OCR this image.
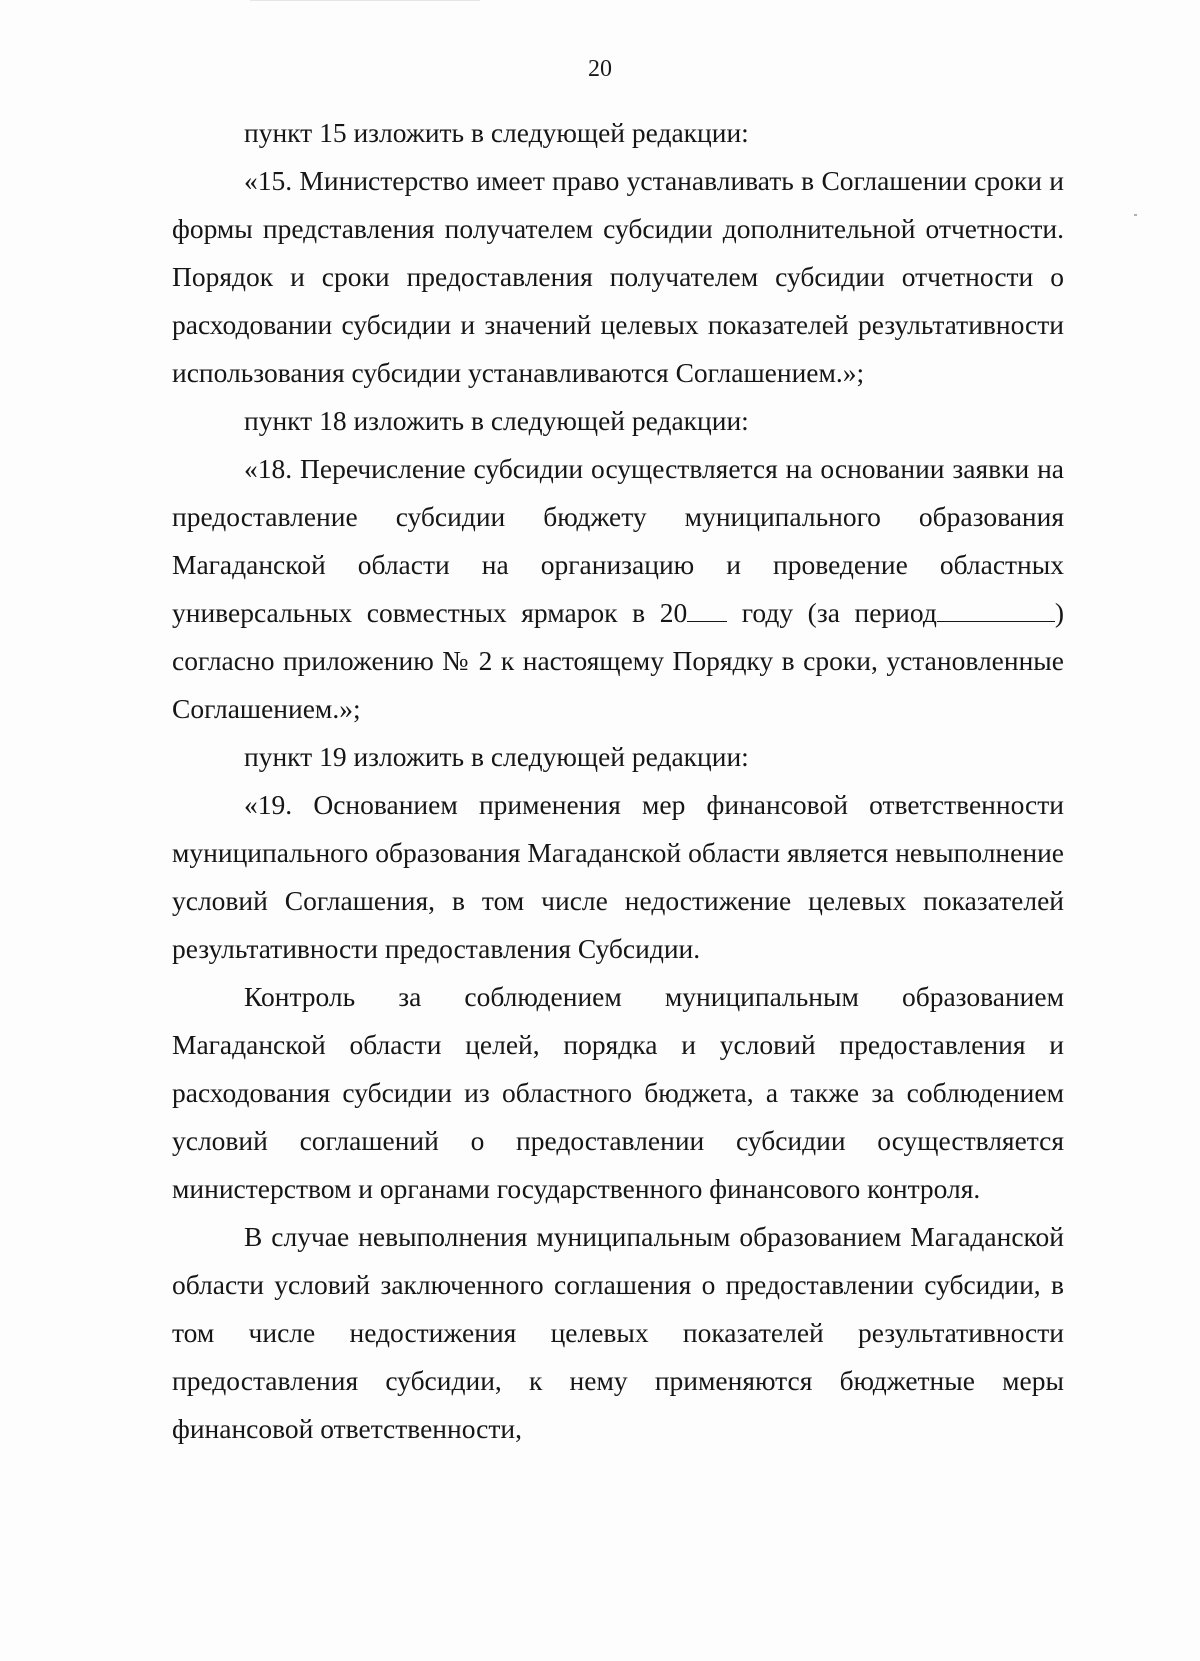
20

пункт 15 изложить в следующей редакции:

«15. Министерство имеет право устанавливать в Соглашении сроки и формы представления получателем субсидии дополнительной отчетности. Порядок и сроки предоставления получателем субсидии отчетности о расходовании субсидии и значений целевых показателей результативности использования субсидии устанавливаются Соглашением.»;

пункт 18 изложить в следующей редакции:

«18. Перечисление субсидии осуществляется на основании заявки на предоставление субсидии бюджету муниципального образования Магаданской области на организацию и проведение областных универсальных совместных ярмарок в 20 году (за период	) согласно приложению № 2 к настоящему Порядку в сроки, установленные Соглашением.»;

пункт 19 изложить в следующей редакции:

«19. Основанием применения мер финансовой ответственности муниципального образования Магаданской области является невыполнение условий Соглашения, в том числе недостижение целевых показателей результативности предоставления Субсидии.

Контроль за соблюдением муниципальным образованием Магаданской области целей, порядка и условий предоставления и расходования субсидии из областного бюджета, а также за соблюдением условий соглашений о предоставлении субсидии осуществляется министерством и органами государственного финансового контроля.

В случае невыполнения муниципальным образованием Магаданской области условий заключенного соглашения о предоставлении субсидии, в том числе недостижения целевых показателей результативности предоставления субсидии, к нему применяются бюджетные меры финансовой ответственности,
